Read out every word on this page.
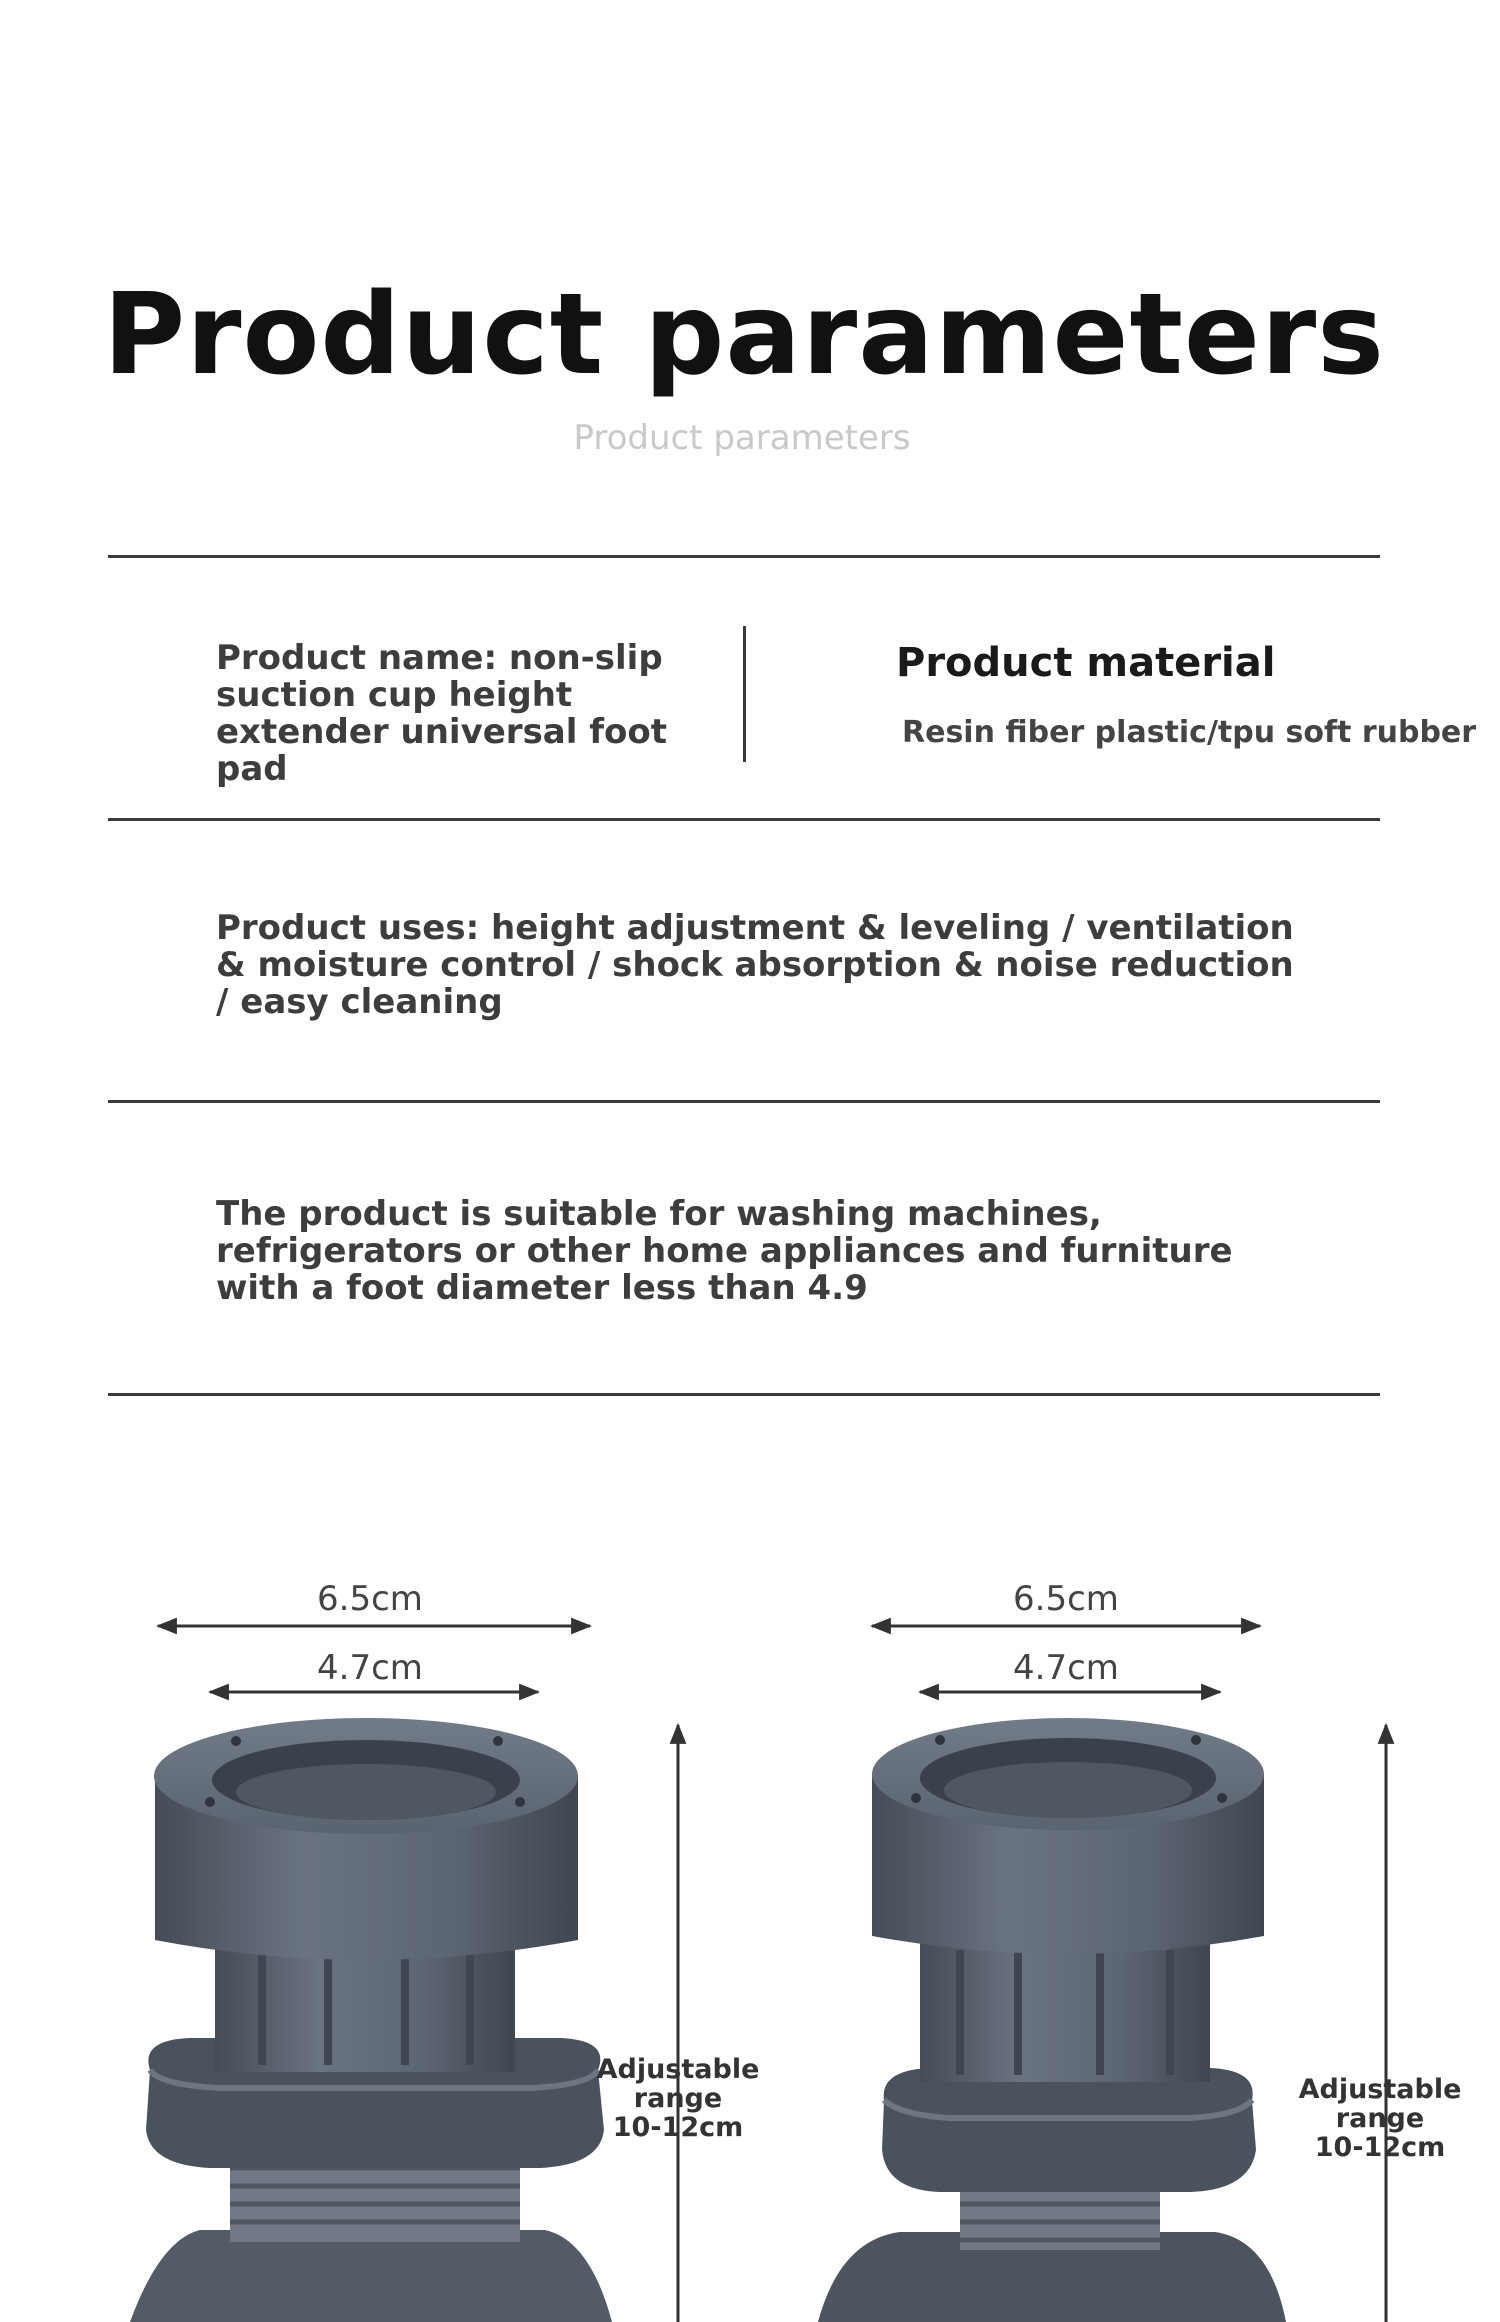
Product parameters
Product parameters
Product name: non-slip suction cup height extender universal foot pad
Product material
Resin fiber plastic/tpu soft rubber
Product uses: height adjustment & leveling / ventilation & moisture control / shock absorption & noise reduction / easy cleaning
The product is suitable for washing machines, refrigerators or other home appliances and furniture with a foot diameter less than 4.9
6.5cm
4.7cm
Adjustable
range
10-12cm
6.5cm
4.7cm
Adjustable
range
10-12cm
